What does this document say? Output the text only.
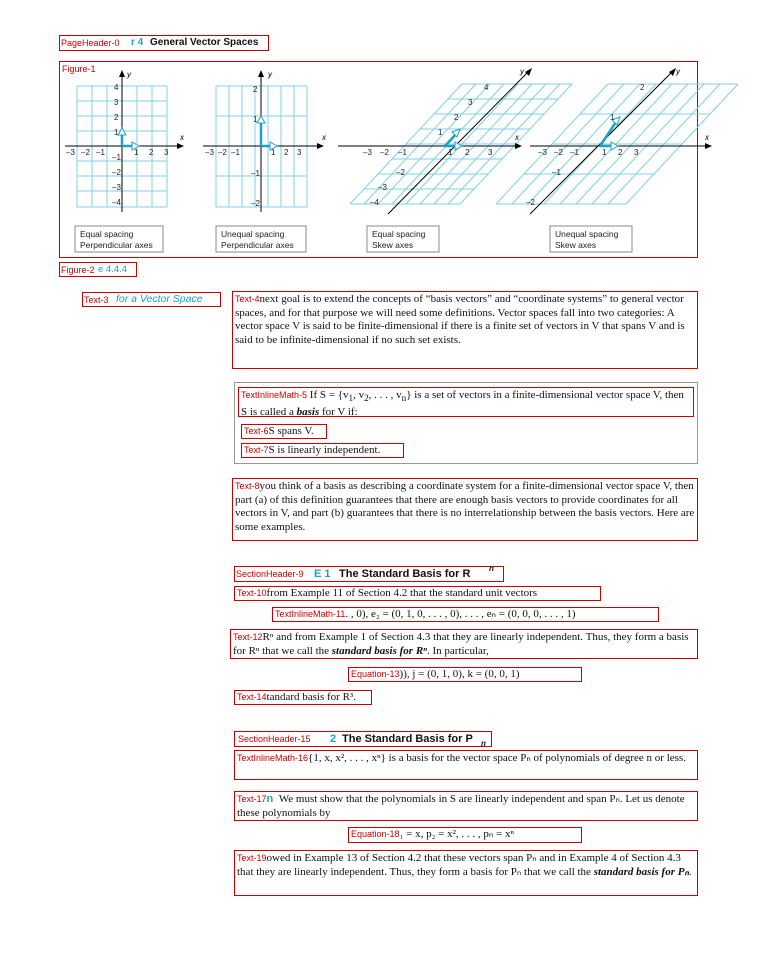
PageHeader-0 r 4 General Vector Spaces
Figure-1
y
x
–3 –2 –1	1 2 3
4
3
2
1
–1
–2
–3
–4
y
x
–3 –2 –1	1 2 3
2
1
–1
–2
y
x
–3 –2 –1	1 2 3
4
3
2
1
–2
–3
–4
y
x
–3 –2 –1	1 2 3
2
1
–1
–2
Equal spacing
Perpendicular axes
Unequal spacing
Perpendicular axes
Equal spacing
Skew axes
Unequal spacing
Skew axes
Figure-2 e 4.4.4
Text-3 for a Vector Space	Text-4next goal is to extend the concepts of “basis vectors” and “coordinate systems” to general vector spaces, and for that purpose we will need some definitions. Vector spaces fall into two categories: A vector space V is said to be finite-dimensional if there is a finite set of vectors in V that spans V and is said to be infinite-dimensional if no such set exists.
TextInlineMath-5 If $S = \{v_1$, $v_2$, . . . , $v_n$} is a set of vectors in a finite-dimensional vector space V, then S is called a basis for V if:
Text-6S spans V.
Text-7S is linearly independent.
Text-8you think of a basis as describing a coordinate system for a finite-dimensional vector space V, then part (a) of this definition guarantees that there are enough basis vectors to provide coordinates for all vectors in V, and part (b) guarantees that there is no interrelationship between the basis vectors. Here are some examples.
SectionHeader-9 E 1 The Standard Basis for R n
Text-10from Example 11 of Section 4.2 that the standard unit vectors
TextInlineMath-11. , 0), e₂ = (0, 1, 0, . . . , 0), . . . , eₙ = (0, 0, 0, . . . , 1)
Text-12Rⁿ and from Example 1 of Section 4.3 that they are linearly independent. Thus, they form a basis for Rⁿ that we call the standard basis for Rⁿ. In particular,
Equation-13)), j = (0, 1, 0), k = (0, 0, 1)
Text-14tandard basis for R³.
SectionHeader-15 2 The Standard Basis for P n
TextInlineMath-16{1, x, x², . . . , xⁿ} is a basis for the vector space Pₙ of polynomials of degree n or less.
Text-17n We must show that the polynomials in S are linearly independent and span Pₙ. Let us denote these polynomials by
Equation-18₁ = x, p₂ = x², . . . , pₙ = xⁿ
Text-19owed in Example 13 of Section 4.2 that these vectors span Pₙ and in Example 4 of Section 4.3 that they are linearly independent. Thus, they form a basis for Pₙ that we call the standard basis for Pₙ.
